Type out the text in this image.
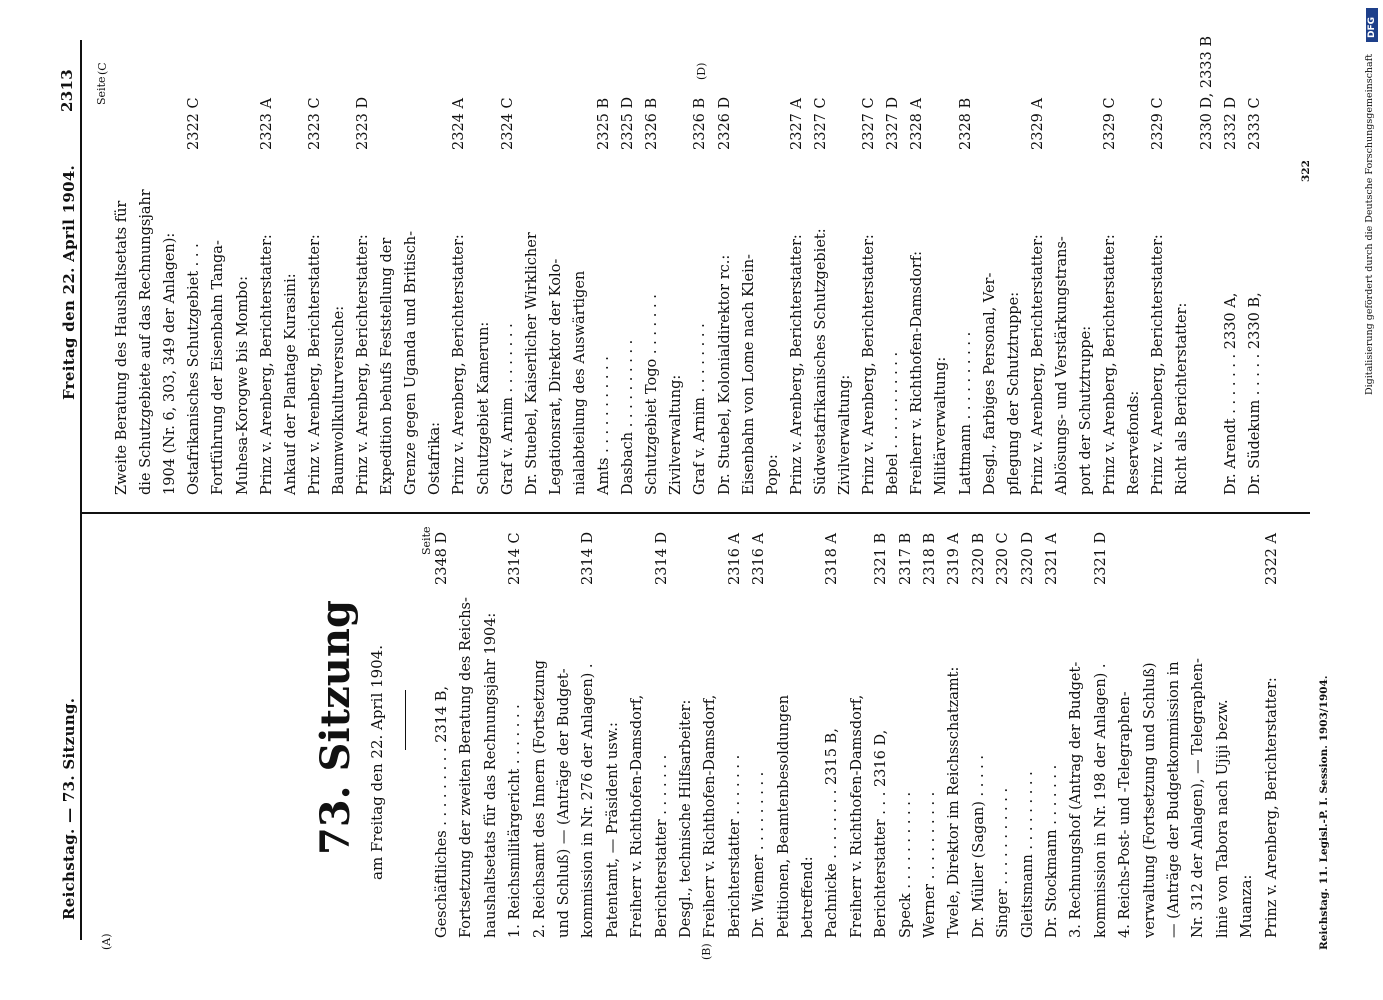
Reichstag. — 73. Sitzung.
Freitag den 22. April 1904.
2313
(A)
(B)
(C	(D)
73. Sitzung am Freitag den 22. April 1904.
Seite
Geschäftliches . . . . . . . . . 2314 B,
2348 D
Fortsetzung der zweiten Beratung des Reichs- haushaltsetats für das Rechnungsjahr 1904: 1. Reichsmilitärgericht . . . . . . .
2314 C
2. Reichsamt des Innern (Fortsetzung und Schluß) — (Anträge der Budget- kommission in Nr. 276 der Anlagen) .
2314 D
Patentamt, — Präsident usw.: Freiherr v. Richthofen-Damsdorf, Berichterstatter . . . . . . .
2314 D
Desgl., technische Hilfsarbeiter: Freiherr v. Richthofen-Damsdorf, Berichterstatter . . . . . . .
2316 A
Dr. Wiemer . . . . . . . . .
2316 A
Petitionen, Beamtenbesoldungen betreffend: Pachnicke . . . . . . . . 2315 B,
2318 A
Freiherr v. Richthofen-Damsdorf, Berichterstatter . . . 2316 D,
2321 B
Speck . . . . . . . . . . .
2317 B
Werner . . . . . . . . . .
2318 B
Twele, Direktor im Reichsschatzamt:
2319 A
Dr. Müller (Sagan) . . . . .
2320 B
Singer . . . . . . . . . . .
2320 C
Gleitsmann . . . . . . . . .
2320 D
Dr. Stockmann . . . . . . .
2321 A
3. Rechnungshof (Antrag der Budget- kommission in Nr. 198 der Anlagen) .
2321 D
4. Reichs-Post- und -Telegraphen- verwaltung (Fortsetzung und Schluß) — (Anträge der Budgetkommission in Nr. 312 der Anlagen), — Telegraphen- linie von Tabora nach Ujiji bezw. Muanza: Prinz v. Arenberg, Berichterstatter:
2322 A
Seite
Zweite Beratung des Haushaltsetats für die Schutzgebiete auf das Rechnungsjahr 1904 (Nr. 6, 303, 349 der Anlagen): Ostafrikanisches Schutzgebiet . . .
2322 C
Fortführung der Eisenbahn Tanga- Muhesa-Korogwe bis Mombo: Prinz v. Arenberg, Berichterstatter:
2323 A
Ankauf der Plantage Kurasini: Prinz v. Arenberg, Berichterstatter:
2323 C
Baumwollkulturversuche: Prinz v. Arenberg, Berichterstatter:
2323 D
Expedition behufs Feststellung der Grenze gegen Uganda und Britisch- Ostafrika: Prinz v. Arenberg, Berichterstatter:
2324 A
Schutzgebiet Kamerun: Graf v. Arnim . . . . . . . .
2324 C
Dr. Stuebel, Kaiserlicher Wirklicher Legationsrat, Direktor der Kolo- nialabteilung des Auswärtigen Amts . . . . . . . . . . .
2325 B
Dasbach . . . . . . . . . .
2325 D
Schutzgebiet Togo . . . . . . .
2326 B
Zivilverwaltung: Graf v. Arnim . . . . . . . .
2326 B
Dr. Stuebel, Kolonialdirektor rc.:
2326 D
Eisenbahn von Lome nach Klein- Popo: Prinz v. Arenberg, Berichterstatter:
2327 A
Südwestafrikanisches Schutzgebiet:
2327 C
Zivilverwaltung: Prinz v. Arenberg, Berichterstatter:
2327 C
Bebel . . . . . . . . . . .
2327 D
Freiherr v. Richthofen-Damsdorf:
2328 A
Militärverwaltung: Lattmann . . . . . . . . . .
2328 B
Desgl., farbiges Personal, Ver- pflegung der Schutztruppe: Prinz v. Arenberg, Berichterstatter:
2329 A
Ablösungs- und Verstärkungstrans- port der Schutztruppe: Prinz v. Arenberg, Berichterstatter:
2329 C
Reservefonds: Prinz v. Arenberg, Berichterstatter:
2329 C
Richt als Berichterstatter:
2330 D, 2333 B
Dr. Arendt . . . . . . . 2330 A,
2332 D
Dr. Südekum . . . . . 2330 B,
2333 C
Reichstag. 11. Legisl.-P. I. Session. 1903/1904.
322	Digitalisierung gefördert durch die Deutsche Forschungsgemeinschaft
DFG
